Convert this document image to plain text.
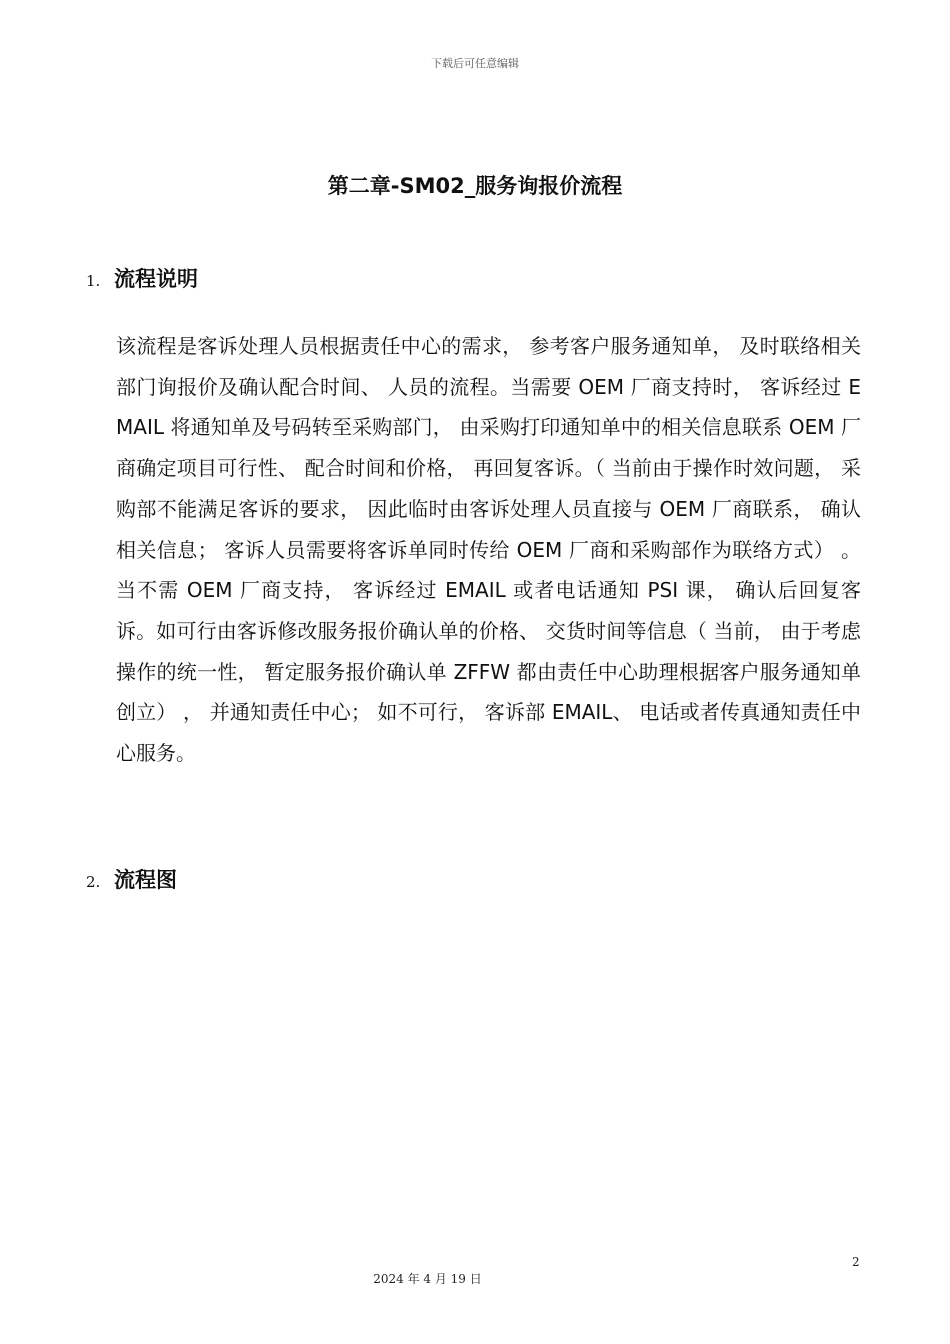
下载后可任意编辑
第二章-SM02_服务询报价流程
1. 流程说明

该流程是客诉处理人员根据责任中心的需求， 参考客户服务通知单， 及时联络相关部门询报价及确认配合时间、 人员的流程。当需要 OEM 厂商支持时， 客诉经过 EMAIL 将通知单及号码转至采购部门， 由采购打印通知单中的相关信息联系 OEM 厂商确定项目可行性、 配合时间和价格， 再回复客诉。（ 当前由于操作时效问题， 采购部不能满足客诉的要求， 因此临时由客诉处理人员直接与 OEM 厂商联系， 确认相关信息； 客诉人员需要将客诉单同时传给 OEM 厂商和采购部作为联络方式） 。当不需 OEM 厂商支持， 客诉经过 EMAIL 或者电话通知 PSI 课， 确认后回复客诉。如可行由客诉修改服务报价确认单的价格、 交货时间等信息（ 当前， 由于考虑操作的统一性， 暂定服务报价确认单 ZFFW 都由责任中心助理根据客户服务通知单创立） ， 并通知责任中心； 如不可行， 客诉部 EMAIL、 电话或者传真通知责任中心服务。

2. 流程图
2
2024 年 4 月 19 日
